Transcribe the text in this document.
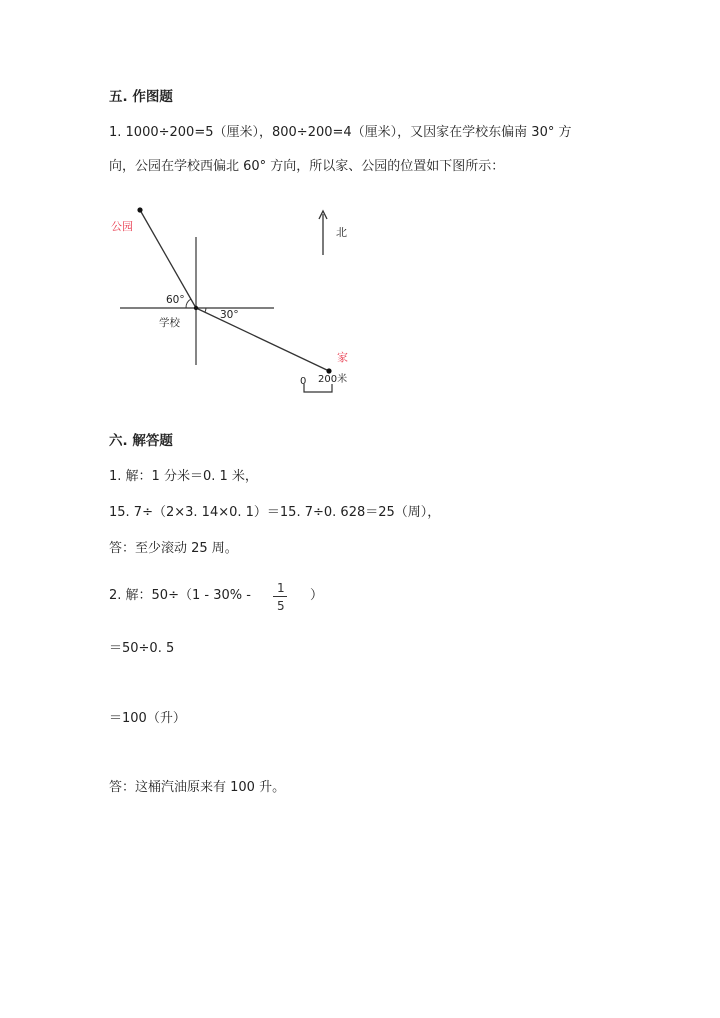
五. 作图题
1. 1000÷200=5（厘米），800÷200=4（厘米），又因家在学校东偏南 30° 方
向，公园在学校西偏北 60° 方向，所以家、公园的位置如下图所示：
公园
家
学校
60°
30°
北
0 200米
六. 解答题
1. 解：1 分米＝0. 1 米，
15. 7÷（2×3. 14×0. 1）＝15. 7÷0. 628＝25（周），
答：至少滚动 25 周。
2. 解：50÷（1 - 30% - 1
5
）
＝50÷0. 5
＝100（升）
答：这桶汽油原来有 100 升。
